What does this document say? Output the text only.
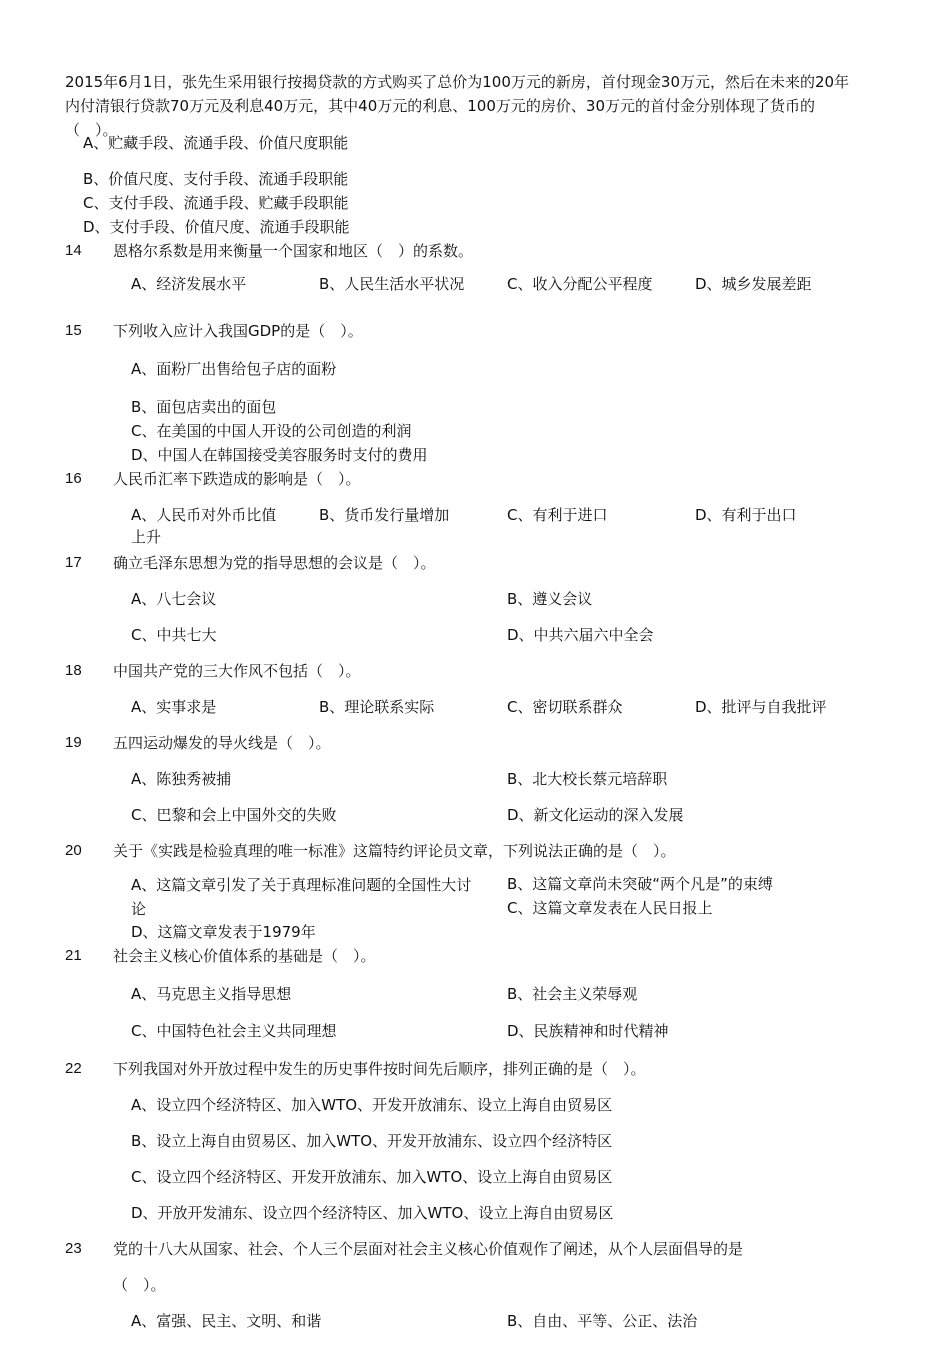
2015年6月1日，张先生采用银行按揭贷款的方式购买了总价为100万元的新房，首付现金30万元，然后在未来的20年内付清银行贷款70万元及利息40万元，其中40万元的利息、100万元的房价、30万元的首付金分别体现了货币的（　）。
A、贮藏手段、流通手段、价值尺度职能
B、价值尺度、支付手段、流通手段职能
C、支付手段、流通手段、贮藏手段职能
D、支付手段、价值尺度、流通手段职能
14 恩格尔系数是用来衡量一个国家和地区（　）的系数。
A、经济发展水平	B、人民生活水平状况	C、收入分配公平程度	D、城乡发展差距
15 下列收入应计入我国GDP的是（　）。
A、面粉厂出售给包子店的面粉
B、面包店卖出的面包
C、在美国的中国人开设的公司创造的利润
D、中国人在韩国接受美容服务时支付的费用
16 人民币汇率下跌造成的影响是（　）。
A、人民币对外币比值上升
B、货币发行量增加	C、有利于进口	D、有利于出口
17 确立毛泽东思想为党的指导思想的会议是（　）。
A、八七会议	B、遵义会议
C、中共七大	D、中共六届六中全会
18 中国共产党的三大作风不包括（　）。
A、实事求是	B、理论联系实际	C、密切联系群众	D、批评与自我批评
19 五四运动爆发的导火线是（　）。
A、陈独秀被捕	B、北大校长蔡元培辞职
C、巴黎和会上中国外交的失败	D、新文化运动的深入发展
20 关于《实践是检验真理的唯一标准》这篇特约评论员文章，下列说法正确的是（　）。
A、这篇文章引发了关于真理标准问题的全国性大讨论
B、这篇文章尚未突破“两个凡是”的束缚
C、这篇文章发表在人民日报上
D、这篇文章发表于1979年
21 社会主义核心价值体系的基础是（　）。
A、马克思主义指导思想	B、社会主义荣辱观
C、中国特色社会主义共同理想	D、民族精神和时代精神
22 下列我国对外开放过程中发生的历史事件按时间先后顺序，排列正确的是（　）。
A、设立四个经济特区、加入WTO、开发开放浦东、设立上海自由贸易区
B、设立上海自由贸易区、加入WTO、开发开放浦东、设立四个经济特区
C、设立四个经济特区、开发开放浦东、加入WTO、设立上海自由贸易区
D、开放开发浦东、设立四个经济特区、加入WTO、设立上海自由贸易区
23 党的十八大从国家、社会、个人三个层面对社会主义核心价值观作了阐述，从个人层面倡导的是
（　）。
A、富强、民主、文明、和谐	B、自由、平等、公正、法治
